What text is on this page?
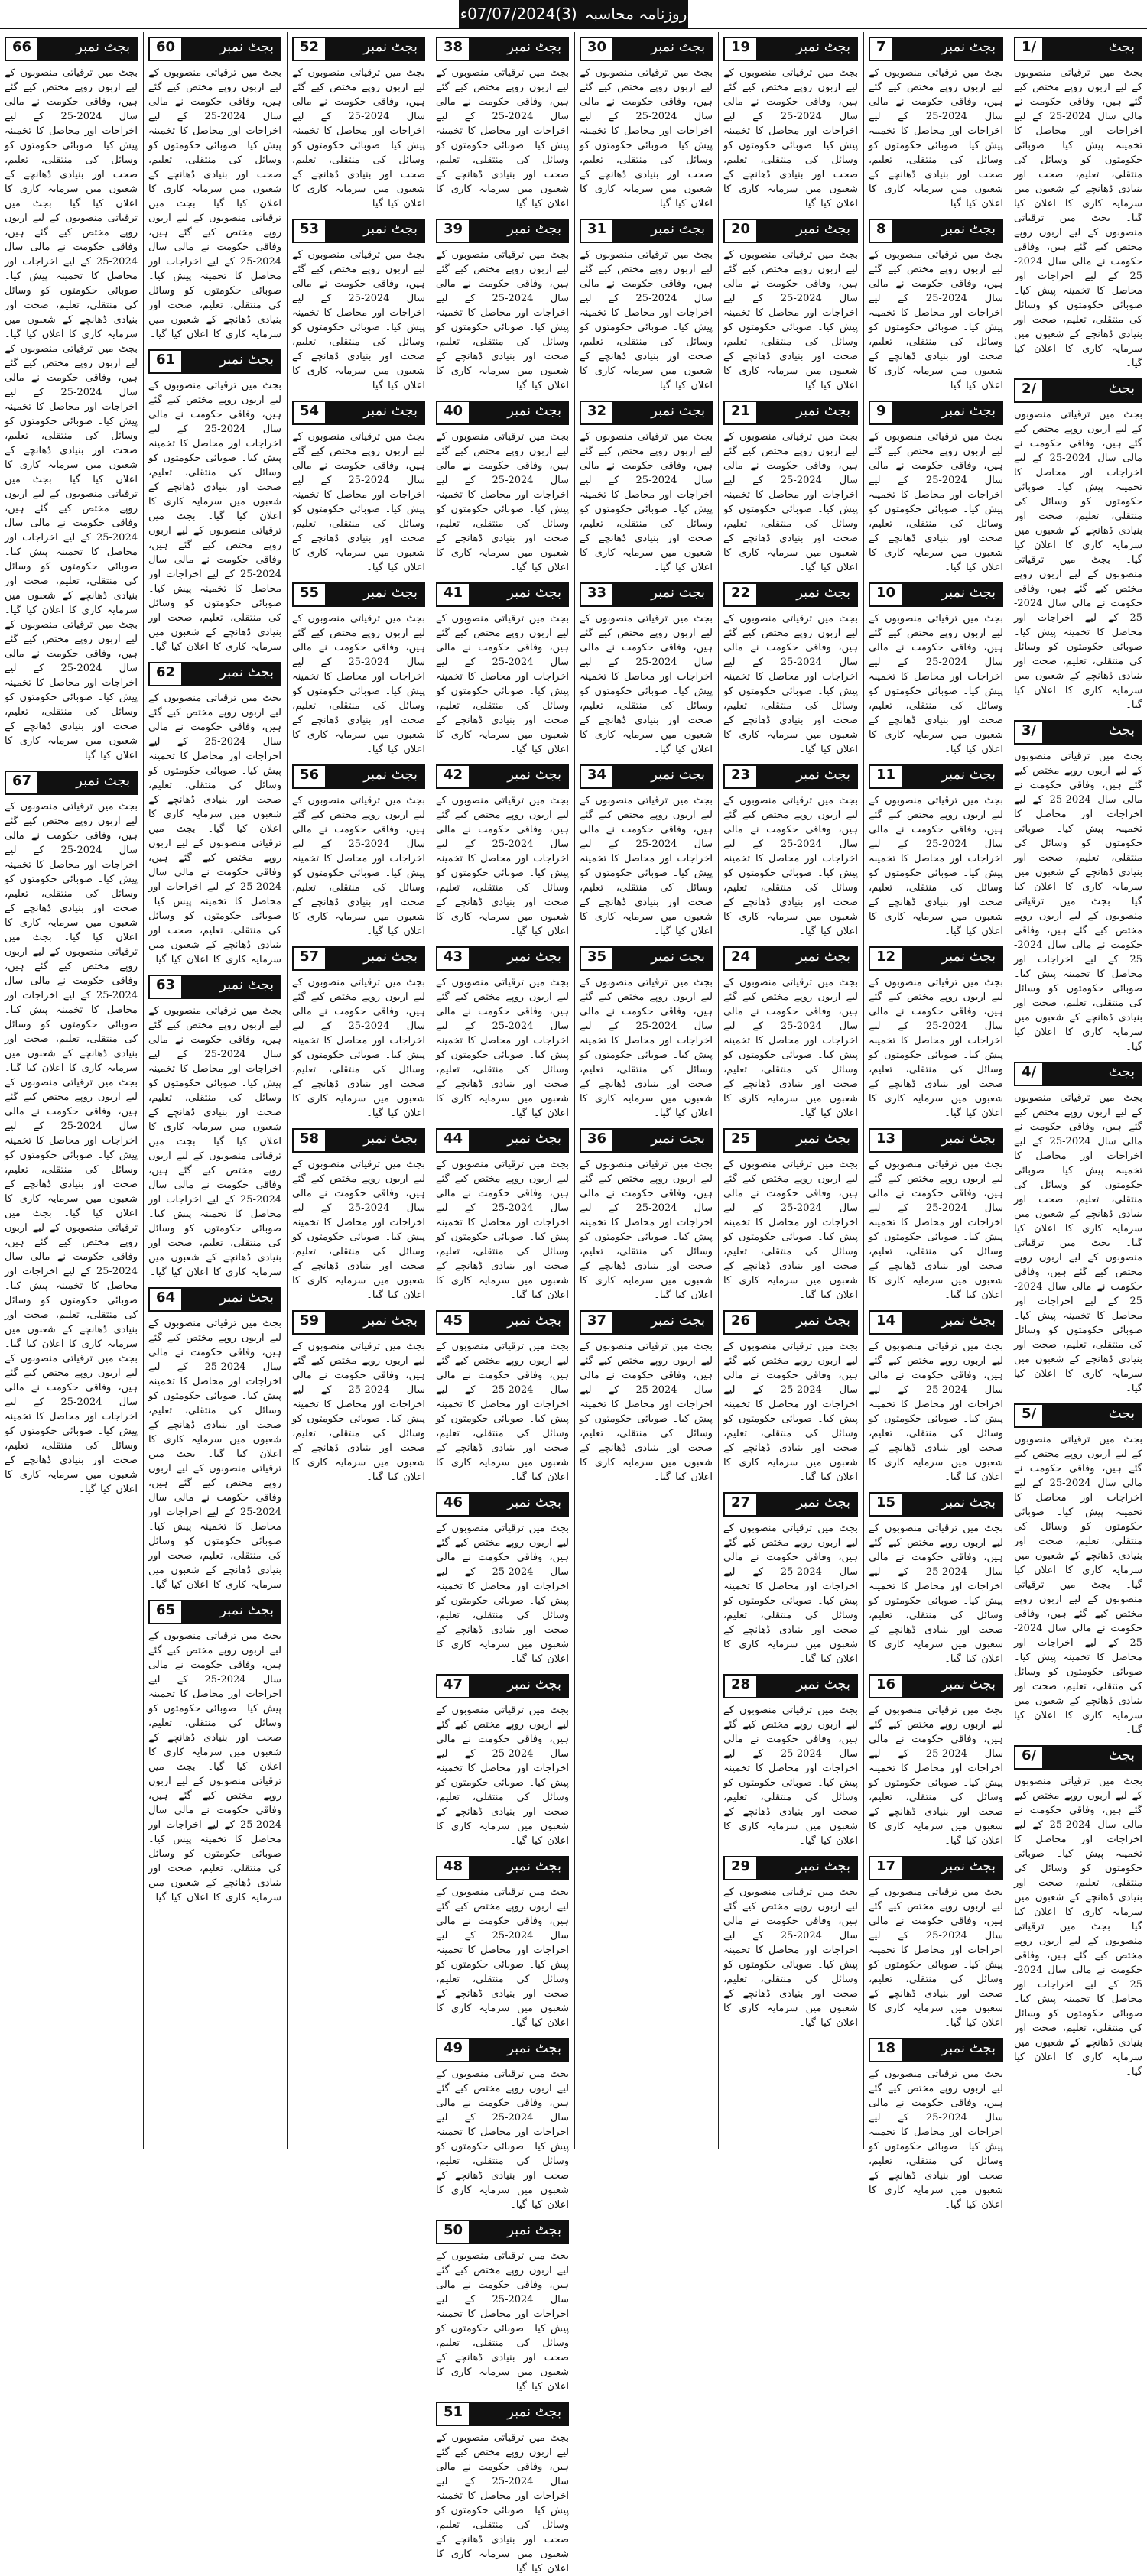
روزنامہ محاسبہ
(3)07/07/2024ء
1/	بجٹ
بجٹ میں ترقیاتی منصوبوں کے لیے اربوں روپے مختص کیے گئے ہیں، وفاقی حکومت نے مالی سال 2024-25 کے لیے اخراجات اور محاصل کا تخمینہ پیش کیا۔ صوبائی حکومتوں کو وسائل کی منتقلی، تعلیم، صحت اور بنیادی ڈھانچے کے شعبوں میں سرمایہ کاری کا اعلان کیا گیا۔ بجٹ میں ترقیاتی منصوبوں کے لیے اربوں روپے مختص کیے گئے ہیں، وفاقی حکومت نے مالی سال 2024-25 کے لیے اخراجات اور محاصل کا تخمینہ پیش کیا۔ صوبائی حکومتوں کو وسائل کی منتقلی، تعلیم، صحت اور بنیادی ڈھانچے کے شعبوں میں سرمایہ کاری کا اعلان کیا گیا۔
2/	بجٹ
بجٹ میں ترقیاتی منصوبوں کے لیے اربوں روپے مختص کیے گئے ہیں، وفاقی حکومت نے مالی سال 2024-25 کے لیے اخراجات اور محاصل کا تخمینہ پیش کیا۔ صوبائی حکومتوں کو وسائل کی منتقلی، تعلیم، صحت اور بنیادی ڈھانچے کے شعبوں میں سرمایہ کاری کا اعلان کیا گیا۔ بجٹ میں ترقیاتی منصوبوں کے لیے اربوں روپے مختص کیے گئے ہیں، وفاقی حکومت نے مالی سال 2024-25 کے لیے اخراجات اور محاصل کا تخمینہ پیش کیا۔ صوبائی حکومتوں کو وسائل کی منتقلی، تعلیم، صحت اور بنیادی ڈھانچے کے شعبوں میں سرمایہ کاری کا اعلان کیا گیا۔
3/	بجٹ
بجٹ میں ترقیاتی منصوبوں کے لیے اربوں روپے مختص کیے گئے ہیں، وفاقی حکومت نے مالی سال 2024-25 کے لیے اخراجات اور محاصل کا تخمینہ پیش کیا۔ صوبائی حکومتوں کو وسائل کی منتقلی، تعلیم، صحت اور بنیادی ڈھانچے کے شعبوں میں سرمایہ کاری کا اعلان کیا گیا۔ بجٹ میں ترقیاتی منصوبوں کے لیے اربوں روپے مختص کیے گئے ہیں، وفاقی حکومت نے مالی سال 2024-25 کے لیے اخراجات اور محاصل کا تخمینہ پیش کیا۔ صوبائی حکومتوں کو وسائل کی منتقلی، تعلیم، صحت اور بنیادی ڈھانچے کے شعبوں میں سرمایہ کاری کا اعلان کیا گیا۔
4/	بجٹ
بجٹ میں ترقیاتی منصوبوں کے لیے اربوں روپے مختص کیے گئے ہیں، وفاقی حکومت نے مالی سال 2024-25 کے لیے اخراجات اور محاصل کا تخمینہ پیش کیا۔ صوبائی حکومتوں کو وسائل کی منتقلی، تعلیم، صحت اور بنیادی ڈھانچے کے شعبوں میں سرمایہ کاری کا اعلان کیا گیا۔ بجٹ میں ترقیاتی منصوبوں کے لیے اربوں روپے مختص کیے گئے ہیں، وفاقی حکومت نے مالی سال 2024-25 کے لیے اخراجات اور محاصل کا تخمینہ پیش کیا۔ صوبائی حکومتوں کو وسائل کی منتقلی، تعلیم، صحت اور بنیادی ڈھانچے کے شعبوں میں سرمایہ کاری کا اعلان کیا گیا۔
5/	بجٹ
بجٹ میں ترقیاتی منصوبوں کے لیے اربوں روپے مختص کیے گئے ہیں، وفاقی حکومت نے مالی سال 2024-25 کے لیے اخراجات اور محاصل کا تخمینہ پیش کیا۔ صوبائی حکومتوں کو وسائل کی منتقلی، تعلیم، صحت اور بنیادی ڈھانچے کے شعبوں میں سرمایہ کاری کا اعلان کیا گیا۔ بجٹ میں ترقیاتی منصوبوں کے لیے اربوں روپے مختص کیے گئے ہیں، وفاقی حکومت نے مالی سال 2024-25 کے لیے اخراجات اور محاصل کا تخمینہ پیش کیا۔ صوبائی حکومتوں کو وسائل کی منتقلی، تعلیم، صحت اور بنیادی ڈھانچے کے شعبوں میں سرمایہ کاری کا اعلان کیا گیا۔
6/	بجٹ
بجٹ میں ترقیاتی منصوبوں کے لیے اربوں روپے مختص کیے گئے ہیں، وفاقی حکومت نے مالی سال 2024-25 کے لیے اخراجات اور محاصل کا تخمینہ پیش کیا۔ صوبائی حکومتوں کو وسائل کی منتقلی، تعلیم، صحت اور بنیادی ڈھانچے کے شعبوں میں سرمایہ کاری کا اعلان کیا گیا۔ بجٹ میں ترقیاتی منصوبوں کے لیے اربوں روپے مختص کیے گئے ہیں، وفاقی حکومت نے مالی سال 2024-25 کے لیے اخراجات اور محاصل کا تخمینہ پیش کیا۔ صوبائی حکومتوں کو وسائل کی منتقلی، تعلیم، صحت اور بنیادی ڈھانچے کے شعبوں میں سرمایہ کاری کا اعلان کیا گیا۔
7	بجٹ نمبر
بجٹ میں ترقیاتی منصوبوں کے لیے اربوں روپے مختص کیے گئے ہیں، وفاقی حکومت نے مالی سال 2024-25 کے لیے اخراجات اور محاصل کا تخمینہ پیش کیا۔ صوبائی حکومتوں کو وسائل کی منتقلی، تعلیم، صحت اور بنیادی ڈھانچے کے شعبوں میں سرمایہ کاری کا اعلان کیا گیا۔
8	بجٹ نمبر
بجٹ میں ترقیاتی منصوبوں کے لیے اربوں روپے مختص کیے گئے ہیں، وفاقی حکومت نے مالی سال 2024-25 کے لیے اخراجات اور محاصل کا تخمینہ پیش کیا۔ صوبائی حکومتوں کو وسائل کی منتقلی، تعلیم، صحت اور بنیادی ڈھانچے کے شعبوں میں سرمایہ کاری کا اعلان کیا گیا۔
9	بجٹ نمبر
بجٹ میں ترقیاتی منصوبوں کے لیے اربوں روپے مختص کیے گئے ہیں، وفاقی حکومت نے مالی سال 2024-25 کے لیے اخراجات اور محاصل کا تخمینہ پیش کیا۔ صوبائی حکومتوں کو وسائل کی منتقلی، تعلیم، صحت اور بنیادی ڈھانچے کے شعبوں میں سرمایہ کاری کا اعلان کیا گیا۔
10	بجٹ نمبر
بجٹ میں ترقیاتی منصوبوں کے لیے اربوں روپے مختص کیے گئے ہیں، وفاقی حکومت نے مالی سال 2024-25 کے لیے اخراجات اور محاصل کا تخمینہ پیش کیا۔ صوبائی حکومتوں کو وسائل کی منتقلی، تعلیم، صحت اور بنیادی ڈھانچے کے شعبوں میں سرمایہ کاری کا اعلان کیا گیا۔
11	بجٹ نمبر
بجٹ میں ترقیاتی منصوبوں کے لیے اربوں روپے مختص کیے گئے ہیں، وفاقی حکومت نے مالی سال 2024-25 کے لیے اخراجات اور محاصل کا تخمینہ پیش کیا۔ صوبائی حکومتوں کو وسائل کی منتقلی، تعلیم، صحت اور بنیادی ڈھانچے کے شعبوں میں سرمایہ کاری کا اعلان کیا گیا۔
12	بجٹ نمبر
بجٹ میں ترقیاتی منصوبوں کے لیے اربوں روپے مختص کیے گئے ہیں، وفاقی حکومت نے مالی سال 2024-25 کے لیے اخراجات اور محاصل کا تخمینہ پیش کیا۔ صوبائی حکومتوں کو وسائل کی منتقلی، تعلیم، صحت اور بنیادی ڈھانچے کے شعبوں میں سرمایہ کاری کا اعلان کیا گیا۔
13	بجٹ نمبر
بجٹ میں ترقیاتی منصوبوں کے لیے اربوں روپے مختص کیے گئے ہیں، وفاقی حکومت نے مالی سال 2024-25 کے لیے اخراجات اور محاصل کا تخمینہ پیش کیا۔ صوبائی حکومتوں کو وسائل کی منتقلی، تعلیم، صحت اور بنیادی ڈھانچے کے شعبوں میں سرمایہ کاری کا اعلان کیا گیا۔
14	بجٹ نمبر
بجٹ میں ترقیاتی منصوبوں کے لیے اربوں روپے مختص کیے گئے ہیں، وفاقی حکومت نے مالی سال 2024-25 کے لیے اخراجات اور محاصل کا تخمینہ پیش کیا۔ صوبائی حکومتوں کو وسائل کی منتقلی، تعلیم، صحت اور بنیادی ڈھانچے کے شعبوں میں سرمایہ کاری کا اعلان کیا گیا۔
15	بجٹ نمبر
بجٹ میں ترقیاتی منصوبوں کے لیے اربوں روپے مختص کیے گئے ہیں، وفاقی حکومت نے مالی سال 2024-25 کے لیے اخراجات اور محاصل کا تخمینہ پیش کیا۔ صوبائی حکومتوں کو وسائل کی منتقلی، تعلیم، صحت اور بنیادی ڈھانچے کے شعبوں میں سرمایہ کاری کا اعلان کیا گیا۔
16	بجٹ نمبر
بجٹ میں ترقیاتی منصوبوں کے لیے اربوں روپے مختص کیے گئے ہیں، وفاقی حکومت نے مالی سال 2024-25 کے لیے اخراجات اور محاصل کا تخمینہ پیش کیا۔ صوبائی حکومتوں کو وسائل کی منتقلی، تعلیم، صحت اور بنیادی ڈھانچے کے شعبوں میں سرمایہ کاری کا اعلان کیا گیا۔
17	بجٹ نمبر
بجٹ میں ترقیاتی منصوبوں کے لیے اربوں روپے مختص کیے گئے ہیں، وفاقی حکومت نے مالی سال 2024-25 کے لیے اخراجات اور محاصل کا تخمینہ پیش کیا۔ صوبائی حکومتوں کو وسائل کی منتقلی، تعلیم، صحت اور بنیادی ڈھانچے کے شعبوں میں سرمایہ کاری کا اعلان کیا گیا۔
18	بجٹ نمبر
بجٹ میں ترقیاتی منصوبوں کے لیے اربوں روپے مختص کیے گئے ہیں، وفاقی حکومت نے مالی سال 2024-25 کے لیے اخراجات اور محاصل کا تخمینہ پیش کیا۔ صوبائی حکومتوں کو وسائل کی منتقلی، تعلیم، صحت اور بنیادی ڈھانچے کے شعبوں میں سرمایہ کاری کا اعلان کیا گیا۔
19	بجٹ نمبر
بجٹ میں ترقیاتی منصوبوں کے لیے اربوں روپے مختص کیے گئے ہیں، وفاقی حکومت نے مالی سال 2024-25 کے لیے اخراجات اور محاصل کا تخمینہ پیش کیا۔ صوبائی حکومتوں کو وسائل کی منتقلی، تعلیم، صحت اور بنیادی ڈھانچے کے شعبوں میں سرمایہ کاری کا اعلان کیا گیا۔
20	بجٹ نمبر
بجٹ میں ترقیاتی منصوبوں کے لیے اربوں روپے مختص کیے گئے ہیں، وفاقی حکومت نے مالی سال 2024-25 کے لیے اخراجات اور محاصل کا تخمینہ پیش کیا۔ صوبائی حکومتوں کو وسائل کی منتقلی، تعلیم، صحت اور بنیادی ڈھانچے کے شعبوں میں سرمایہ کاری کا اعلان کیا گیا۔
21	بجٹ نمبر
بجٹ میں ترقیاتی منصوبوں کے لیے اربوں روپے مختص کیے گئے ہیں، وفاقی حکومت نے مالی سال 2024-25 کے لیے اخراجات اور محاصل کا تخمینہ پیش کیا۔ صوبائی حکومتوں کو وسائل کی منتقلی، تعلیم، صحت اور بنیادی ڈھانچے کے شعبوں میں سرمایہ کاری کا اعلان کیا گیا۔
22	بجٹ نمبر
بجٹ میں ترقیاتی منصوبوں کے لیے اربوں روپے مختص کیے گئے ہیں، وفاقی حکومت نے مالی سال 2024-25 کے لیے اخراجات اور محاصل کا تخمینہ پیش کیا۔ صوبائی حکومتوں کو وسائل کی منتقلی، تعلیم، صحت اور بنیادی ڈھانچے کے شعبوں میں سرمایہ کاری کا اعلان کیا گیا۔
23	بجٹ نمبر
بجٹ میں ترقیاتی منصوبوں کے لیے اربوں روپے مختص کیے گئے ہیں، وفاقی حکومت نے مالی سال 2024-25 کے لیے اخراجات اور محاصل کا تخمینہ پیش کیا۔ صوبائی حکومتوں کو وسائل کی منتقلی، تعلیم، صحت اور بنیادی ڈھانچے کے شعبوں میں سرمایہ کاری کا اعلان کیا گیا۔
24	بجٹ نمبر
بجٹ میں ترقیاتی منصوبوں کے لیے اربوں روپے مختص کیے گئے ہیں، وفاقی حکومت نے مالی سال 2024-25 کے لیے اخراجات اور محاصل کا تخمینہ پیش کیا۔ صوبائی حکومتوں کو وسائل کی منتقلی، تعلیم، صحت اور بنیادی ڈھانچے کے شعبوں میں سرمایہ کاری کا اعلان کیا گیا۔
25	بجٹ نمبر
بجٹ میں ترقیاتی منصوبوں کے لیے اربوں روپے مختص کیے گئے ہیں، وفاقی حکومت نے مالی سال 2024-25 کے لیے اخراجات اور محاصل کا تخمینہ پیش کیا۔ صوبائی حکومتوں کو وسائل کی منتقلی، تعلیم، صحت اور بنیادی ڈھانچے کے شعبوں میں سرمایہ کاری کا اعلان کیا گیا۔
26	بجٹ نمبر
بجٹ میں ترقیاتی منصوبوں کے لیے اربوں روپے مختص کیے گئے ہیں، وفاقی حکومت نے مالی سال 2024-25 کے لیے اخراجات اور محاصل کا تخمینہ پیش کیا۔ صوبائی حکومتوں کو وسائل کی منتقلی، تعلیم، صحت اور بنیادی ڈھانچے کے شعبوں میں سرمایہ کاری کا اعلان کیا گیا۔
27	بجٹ نمبر
بجٹ میں ترقیاتی منصوبوں کے لیے اربوں روپے مختص کیے گئے ہیں، وفاقی حکومت نے مالی سال 2024-25 کے لیے اخراجات اور محاصل کا تخمینہ پیش کیا۔ صوبائی حکومتوں کو وسائل کی منتقلی، تعلیم، صحت اور بنیادی ڈھانچے کے شعبوں میں سرمایہ کاری کا اعلان کیا گیا۔
28	بجٹ نمبر
بجٹ میں ترقیاتی منصوبوں کے لیے اربوں روپے مختص کیے گئے ہیں، وفاقی حکومت نے مالی سال 2024-25 کے لیے اخراجات اور محاصل کا تخمینہ پیش کیا۔ صوبائی حکومتوں کو وسائل کی منتقلی، تعلیم، صحت اور بنیادی ڈھانچے کے شعبوں میں سرمایہ کاری کا اعلان کیا گیا۔
29	بجٹ نمبر
بجٹ میں ترقیاتی منصوبوں کے لیے اربوں روپے مختص کیے گئے ہیں، وفاقی حکومت نے مالی سال 2024-25 کے لیے اخراجات اور محاصل کا تخمینہ پیش کیا۔ صوبائی حکومتوں کو وسائل کی منتقلی، تعلیم، صحت اور بنیادی ڈھانچے کے شعبوں میں سرمایہ کاری کا اعلان کیا گیا۔
30	بجٹ نمبر
بجٹ میں ترقیاتی منصوبوں کے لیے اربوں روپے مختص کیے گئے ہیں، وفاقی حکومت نے مالی سال 2024-25 کے لیے اخراجات اور محاصل کا تخمینہ پیش کیا۔ صوبائی حکومتوں کو وسائل کی منتقلی، تعلیم، صحت اور بنیادی ڈھانچے کے شعبوں میں سرمایہ کاری کا اعلان کیا گیا۔
31	بجٹ نمبر
بجٹ میں ترقیاتی منصوبوں کے لیے اربوں روپے مختص کیے گئے ہیں، وفاقی حکومت نے مالی سال 2024-25 کے لیے اخراجات اور محاصل کا تخمینہ پیش کیا۔ صوبائی حکومتوں کو وسائل کی منتقلی، تعلیم، صحت اور بنیادی ڈھانچے کے شعبوں میں سرمایہ کاری کا اعلان کیا گیا۔
32	بجٹ نمبر
بجٹ میں ترقیاتی منصوبوں کے لیے اربوں روپے مختص کیے گئے ہیں، وفاقی حکومت نے مالی سال 2024-25 کے لیے اخراجات اور محاصل کا تخمینہ پیش کیا۔ صوبائی حکومتوں کو وسائل کی منتقلی، تعلیم، صحت اور بنیادی ڈھانچے کے شعبوں میں سرمایہ کاری کا اعلان کیا گیا۔
33	بجٹ نمبر
بجٹ میں ترقیاتی منصوبوں کے لیے اربوں روپے مختص کیے گئے ہیں، وفاقی حکومت نے مالی سال 2024-25 کے لیے اخراجات اور محاصل کا تخمینہ پیش کیا۔ صوبائی حکومتوں کو وسائل کی منتقلی، تعلیم، صحت اور بنیادی ڈھانچے کے شعبوں میں سرمایہ کاری کا اعلان کیا گیا۔
34	بجٹ نمبر
بجٹ میں ترقیاتی منصوبوں کے لیے اربوں روپے مختص کیے گئے ہیں، وفاقی حکومت نے مالی سال 2024-25 کے لیے اخراجات اور محاصل کا تخمینہ پیش کیا۔ صوبائی حکومتوں کو وسائل کی منتقلی، تعلیم، صحت اور بنیادی ڈھانچے کے شعبوں میں سرمایہ کاری کا اعلان کیا گیا۔
35	بجٹ نمبر
بجٹ میں ترقیاتی منصوبوں کے لیے اربوں روپے مختص کیے گئے ہیں، وفاقی حکومت نے مالی سال 2024-25 کے لیے اخراجات اور محاصل کا تخمینہ پیش کیا۔ صوبائی حکومتوں کو وسائل کی منتقلی، تعلیم، صحت اور بنیادی ڈھانچے کے شعبوں میں سرمایہ کاری کا اعلان کیا گیا۔
36	بجٹ نمبر
بجٹ میں ترقیاتی منصوبوں کے لیے اربوں روپے مختص کیے گئے ہیں، وفاقی حکومت نے مالی سال 2024-25 کے لیے اخراجات اور محاصل کا تخمینہ پیش کیا۔ صوبائی حکومتوں کو وسائل کی منتقلی، تعلیم، صحت اور بنیادی ڈھانچے کے شعبوں میں سرمایہ کاری کا اعلان کیا گیا۔
37	بجٹ نمبر
بجٹ میں ترقیاتی منصوبوں کے لیے اربوں روپے مختص کیے گئے ہیں، وفاقی حکومت نے مالی سال 2024-25 کے لیے اخراجات اور محاصل کا تخمینہ پیش کیا۔ صوبائی حکومتوں کو وسائل کی منتقلی، تعلیم، صحت اور بنیادی ڈھانچے کے شعبوں میں سرمایہ کاری کا اعلان کیا گیا۔
38	بجٹ نمبر
بجٹ میں ترقیاتی منصوبوں کے لیے اربوں روپے مختص کیے گئے ہیں، وفاقی حکومت نے مالی سال 2024-25 کے لیے اخراجات اور محاصل کا تخمینہ پیش کیا۔ صوبائی حکومتوں کو وسائل کی منتقلی، تعلیم، صحت اور بنیادی ڈھانچے کے شعبوں میں سرمایہ کاری کا اعلان کیا گیا۔
39	بجٹ نمبر
بجٹ میں ترقیاتی منصوبوں کے لیے اربوں روپے مختص کیے گئے ہیں، وفاقی حکومت نے مالی سال 2024-25 کے لیے اخراجات اور محاصل کا تخمینہ پیش کیا۔ صوبائی حکومتوں کو وسائل کی منتقلی، تعلیم، صحت اور بنیادی ڈھانچے کے شعبوں میں سرمایہ کاری کا اعلان کیا گیا۔
40	بجٹ نمبر
بجٹ میں ترقیاتی منصوبوں کے لیے اربوں روپے مختص کیے گئے ہیں، وفاقی حکومت نے مالی سال 2024-25 کے لیے اخراجات اور محاصل کا تخمینہ پیش کیا۔ صوبائی حکومتوں کو وسائل کی منتقلی، تعلیم، صحت اور بنیادی ڈھانچے کے شعبوں میں سرمایہ کاری کا اعلان کیا گیا۔
41	بجٹ نمبر
بجٹ میں ترقیاتی منصوبوں کے لیے اربوں روپے مختص کیے گئے ہیں، وفاقی حکومت نے مالی سال 2024-25 کے لیے اخراجات اور محاصل کا تخمینہ پیش کیا۔ صوبائی حکومتوں کو وسائل کی منتقلی، تعلیم، صحت اور بنیادی ڈھانچے کے شعبوں میں سرمایہ کاری کا اعلان کیا گیا۔
42	بجٹ نمبر
بجٹ میں ترقیاتی منصوبوں کے لیے اربوں روپے مختص کیے گئے ہیں، وفاقی حکومت نے مالی سال 2024-25 کے لیے اخراجات اور محاصل کا تخمینہ پیش کیا۔ صوبائی حکومتوں کو وسائل کی منتقلی، تعلیم، صحت اور بنیادی ڈھانچے کے شعبوں میں سرمایہ کاری کا اعلان کیا گیا۔
43	بجٹ نمبر
بجٹ میں ترقیاتی منصوبوں کے لیے اربوں روپے مختص کیے گئے ہیں، وفاقی حکومت نے مالی سال 2024-25 کے لیے اخراجات اور محاصل کا تخمینہ پیش کیا۔ صوبائی حکومتوں کو وسائل کی منتقلی، تعلیم، صحت اور بنیادی ڈھانچے کے شعبوں میں سرمایہ کاری کا اعلان کیا گیا۔
44	بجٹ نمبر
بجٹ میں ترقیاتی منصوبوں کے لیے اربوں روپے مختص کیے گئے ہیں، وفاقی حکومت نے مالی سال 2024-25 کے لیے اخراجات اور محاصل کا تخمینہ پیش کیا۔ صوبائی حکومتوں کو وسائل کی منتقلی، تعلیم، صحت اور بنیادی ڈھانچے کے شعبوں میں سرمایہ کاری کا اعلان کیا گیا۔
45	بجٹ نمبر
بجٹ میں ترقیاتی منصوبوں کے لیے اربوں روپے مختص کیے گئے ہیں، وفاقی حکومت نے مالی سال 2024-25 کے لیے اخراجات اور محاصل کا تخمینہ پیش کیا۔ صوبائی حکومتوں کو وسائل کی منتقلی، تعلیم، صحت اور بنیادی ڈھانچے کے شعبوں میں سرمایہ کاری کا اعلان کیا گیا۔
46	بجٹ نمبر
بجٹ میں ترقیاتی منصوبوں کے لیے اربوں روپے مختص کیے گئے ہیں، وفاقی حکومت نے مالی سال 2024-25 کے لیے اخراجات اور محاصل کا تخمینہ پیش کیا۔ صوبائی حکومتوں کو وسائل کی منتقلی، تعلیم، صحت اور بنیادی ڈھانچے کے شعبوں میں سرمایہ کاری کا اعلان کیا گیا۔
47	بجٹ نمبر
بجٹ میں ترقیاتی منصوبوں کے لیے اربوں روپے مختص کیے گئے ہیں، وفاقی حکومت نے مالی سال 2024-25 کے لیے اخراجات اور محاصل کا تخمینہ پیش کیا۔ صوبائی حکومتوں کو وسائل کی منتقلی، تعلیم، صحت اور بنیادی ڈھانچے کے شعبوں میں سرمایہ کاری کا اعلان کیا گیا۔
48	بجٹ نمبر
بجٹ میں ترقیاتی منصوبوں کے لیے اربوں روپے مختص کیے گئے ہیں، وفاقی حکومت نے مالی سال 2024-25 کے لیے اخراجات اور محاصل کا تخمینہ پیش کیا۔ صوبائی حکومتوں کو وسائل کی منتقلی، تعلیم، صحت اور بنیادی ڈھانچے کے شعبوں میں سرمایہ کاری کا اعلان کیا گیا۔
49	بجٹ نمبر
بجٹ میں ترقیاتی منصوبوں کے لیے اربوں روپے مختص کیے گئے ہیں، وفاقی حکومت نے مالی سال 2024-25 کے لیے اخراجات اور محاصل کا تخمینہ پیش کیا۔ صوبائی حکومتوں کو وسائل کی منتقلی، تعلیم، صحت اور بنیادی ڈھانچے کے شعبوں میں سرمایہ کاری کا اعلان کیا گیا۔
50	بجٹ نمبر
بجٹ میں ترقیاتی منصوبوں کے لیے اربوں روپے مختص کیے گئے ہیں، وفاقی حکومت نے مالی سال 2024-25 کے لیے اخراجات اور محاصل کا تخمینہ پیش کیا۔ صوبائی حکومتوں کو وسائل کی منتقلی، تعلیم، صحت اور بنیادی ڈھانچے کے شعبوں میں سرمایہ کاری کا اعلان کیا گیا۔
51	بجٹ نمبر
بجٹ میں ترقیاتی منصوبوں کے لیے اربوں روپے مختص کیے گئے ہیں، وفاقی حکومت نے مالی سال 2024-25 کے لیے اخراجات اور محاصل کا تخمینہ پیش کیا۔ صوبائی حکومتوں کو وسائل کی منتقلی، تعلیم، صحت اور بنیادی ڈھانچے کے شعبوں میں سرمایہ کاری کا اعلان کیا گیا۔
52	بجٹ نمبر
بجٹ میں ترقیاتی منصوبوں کے لیے اربوں روپے مختص کیے گئے ہیں، وفاقی حکومت نے مالی سال 2024-25 کے لیے اخراجات اور محاصل کا تخمینہ پیش کیا۔ صوبائی حکومتوں کو وسائل کی منتقلی، تعلیم، صحت اور بنیادی ڈھانچے کے شعبوں میں سرمایہ کاری کا اعلان کیا گیا۔
53	بجٹ نمبر
بجٹ میں ترقیاتی منصوبوں کے لیے اربوں روپے مختص کیے گئے ہیں، وفاقی حکومت نے مالی سال 2024-25 کے لیے اخراجات اور محاصل کا تخمینہ پیش کیا۔ صوبائی حکومتوں کو وسائل کی منتقلی، تعلیم، صحت اور بنیادی ڈھانچے کے شعبوں میں سرمایہ کاری کا اعلان کیا گیا۔
54	بجٹ نمبر
بجٹ میں ترقیاتی منصوبوں کے لیے اربوں روپے مختص کیے گئے ہیں، وفاقی حکومت نے مالی سال 2024-25 کے لیے اخراجات اور محاصل کا تخمینہ پیش کیا۔ صوبائی حکومتوں کو وسائل کی منتقلی، تعلیم، صحت اور بنیادی ڈھانچے کے شعبوں میں سرمایہ کاری کا اعلان کیا گیا۔
55	بجٹ نمبر
بجٹ میں ترقیاتی منصوبوں کے لیے اربوں روپے مختص کیے گئے ہیں، وفاقی حکومت نے مالی سال 2024-25 کے لیے اخراجات اور محاصل کا تخمینہ پیش کیا۔ صوبائی حکومتوں کو وسائل کی منتقلی، تعلیم، صحت اور بنیادی ڈھانچے کے شعبوں میں سرمایہ کاری کا اعلان کیا گیا۔
56	بجٹ نمبر
بجٹ میں ترقیاتی منصوبوں کے لیے اربوں روپے مختص کیے گئے ہیں، وفاقی حکومت نے مالی سال 2024-25 کے لیے اخراجات اور محاصل کا تخمینہ پیش کیا۔ صوبائی حکومتوں کو وسائل کی منتقلی، تعلیم، صحت اور بنیادی ڈھانچے کے شعبوں میں سرمایہ کاری کا اعلان کیا گیا۔
57	بجٹ نمبر
بجٹ میں ترقیاتی منصوبوں کے لیے اربوں روپے مختص کیے گئے ہیں، وفاقی حکومت نے مالی سال 2024-25 کے لیے اخراجات اور محاصل کا تخمینہ پیش کیا۔ صوبائی حکومتوں کو وسائل کی منتقلی، تعلیم، صحت اور بنیادی ڈھانچے کے شعبوں میں سرمایہ کاری کا اعلان کیا گیا۔
58	بجٹ نمبر
بجٹ میں ترقیاتی منصوبوں کے لیے اربوں روپے مختص کیے گئے ہیں، وفاقی حکومت نے مالی سال 2024-25 کے لیے اخراجات اور محاصل کا تخمینہ پیش کیا۔ صوبائی حکومتوں کو وسائل کی منتقلی، تعلیم، صحت اور بنیادی ڈھانچے کے شعبوں میں سرمایہ کاری کا اعلان کیا گیا۔
59	بجٹ نمبر
بجٹ میں ترقیاتی منصوبوں کے لیے اربوں روپے مختص کیے گئے ہیں، وفاقی حکومت نے مالی سال 2024-25 کے لیے اخراجات اور محاصل کا تخمینہ پیش کیا۔ صوبائی حکومتوں کو وسائل کی منتقلی، تعلیم، صحت اور بنیادی ڈھانچے کے شعبوں میں سرمایہ کاری کا اعلان کیا گیا۔
60	بجٹ نمبر
بجٹ میں ترقیاتی منصوبوں کے لیے اربوں روپے مختص کیے گئے ہیں، وفاقی حکومت نے مالی سال 2024-25 کے لیے اخراجات اور محاصل کا تخمینہ پیش کیا۔ صوبائی حکومتوں کو وسائل کی منتقلی، تعلیم، صحت اور بنیادی ڈھانچے کے شعبوں میں سرمایہ کاری کا اعلان کیا گیا۔ بجٹ میں ترقیاتی منصوبوں کے لیے اربوں روپے مختص کیے گئے ہیں، وفاقی حکومت نے مالی سال 2024-25 کے لیے اخراجات اور محاصل کا تخمینہ پیش کیا۔ صوبائی حکومتوں کو وسائل کی منتقلی، تعلیم، صحت اور بنیادی ڈھانچے کے شعبوں میں سرمایہ کاری کا اعلان کیا گیا۔
61	بجٹ نمبر
بجٹ میں ترقیاتی منصوبوں کے لیے اربوں روپے مختص کیے گئے ہیں، وفاقی حکومت نے مالی سال 2024-25 کے لیے اخراجات اور محاصل کا تخمینہ پیش کیا۔ صوبائی حکومتوں کو وسائل کی منتقلی، تعلیم، صحت اور بنیادی ڈھانچے کے شعبوں میں سرمایہ کاری کا اعلان کیا گیا۔ بجٹ میں ترقیاتی منصوبوں کے لیے اربوں روپے مختص کیے گئے ہیں، وفاقی حکومت نے مالی سال 2024-25 کے لیے اخراجات اور محاصل کا تخمینہ پیش کیا۔ صوبائی حکومتوں کو وسائل کی منتقلی، تعلیم، صحت اور بنیادی ڈھانچے کے شعبوں میں سرمایہ کاری کا اعلان کیا گیا۔
62	بجٹ نمبر
بجٹ میں ترقیاتی منصوبوں کے لیے اربوں روپے مختص کیے گئے ہیں، وفاقی حکومت نے مالی سال 2024-25 کے لیے اخراجات اور محاصل کا تخمینہ پیش کیا۔ صوبائی حکومتوں کو وسائل کی منتقلی، تعلیم، صحت اور بنیادی ڈھانچے کے شعبوں میں سرمایہ کاری کا اعلان کیا گیا۔ بجٹ میں ترقیاتی منصوبوں کے لیے اربوں روپے مختص کیے گئے ہیں، وفاقی حکومت نے مالی سال 2024-25 کے لیے اخراجات اور محاصل کا تخمینہ پیش کیا۔ صوبائی حکومتوں کو وسائل کی منتقلی، تعلیم، صحت اور بنیادی ڈھانچے کے شعبوں میں سرمایہ کاری کا اعلان کیا گیا۔
63	بجٹ نمبر
بجٹ میں ترقیاتی منصوبوں کے لیے اربوں روپے مختص کیے گئے ہیں، وفاقی حکومت نے مالی سال 2024-25 کے لیے اخراجات اور محاصل کا تخمینہ پیش کیا۔ صوبائی حکومتوں کو وسائل کی منتقلی، تعلیم، صحت اور بنیادی ڈھانچے کے شعبوں میں سرمایہ کاری کا اعلان کیا گیا۔ بجٹ میں ترقیاتی منصوبوں کے لیے اربوں روپے مختص کیے گئے ہیں، وفاقی حکومت نے مالی سال 2024-25 کے لیے اخراجات اور محاصل کا تخمینہ پیش کیا۔ صوبائی حکومتوں کو وسائل کی منتقلی، تعلیم، صحت اور بنیادی ڈھانچے کے شعبوں میں سرمایہ کاری کا اعلان کیا گیا۔
64	بجٹ نمبر
بجٹ میں ترقیاتی منصوبوں کے لیے اربوں روپے مختص کیے گئے ہیں، وفاقی حکومت نے مالی سال 2024-25 کے لیے اخراجات اور محاصل کا تخمینہ پیش کیا۔ صوبائی حکومتوں کو وسائل کی منتقلی، تعلیم، صحت اور بنیادی ڈھانچے کے شعبوں میں سرمایہ کاری کا اعلان کیا گیا۔ بجٹ میں ترقیاتی منصوبوں کے لیے اربوں روپے مختص کیے گئے ہیں، وفاقی حکومت نے مالی سال 2024-25 کے لیے اخراجات اور محاصل کا تخمینہ پیش کیا۔ صوبائی حکومتوں کو وسائل کی منتقلی، تعلیم، صحت اور بنیادی ڈھانچے کے شعبوں میں سرمایہ کاری کا اعلان کیا گیا۔
65	بجٹ نمبر
بجٹ میں ترقیاتی منصوبوں کے لیے اربوں روپے مختص کیے گئے ہیں، وفاقی حکومت نے مالی سال 2024-25 کے لیے اخراجات اور محاصل کا تخمینہ پیش کیا۔ صوبائی حکومتوں کو وسائل کی منتقلی، تعلیم، صحت اور بنیادی ڈھانچے کے شعبوں میں سرمایہ کاری کا اعلان کیا گیا۔ بجٹ میں ترقیاتی منصوبوں کے لیے اربوں روپے مختص کیے گئے ہیں، وفاقی حکومت نے مالی سال 2024-25 کے لیے اخراجات اور محاصل کا تخمینہ پیش کیا۔ صوبائی حکومتوں کو وسائل کی منتقلی، تعلیم، صحت اور بنیادی ڈھانچے کے شعبوں میں سرمایہ کاری کا اعلان کیا گیا۔
66	بجٹ نمبر
بجٹ میں ترقیاتی منصوبوں کے لیے اربوں روپے مختص کیے گئے ہیں، وفاقی حکومت نے مالی سال 2024-25 کے لیے اخراجات اور محاصل کا تخمینہ پیش کیا۔ صوبائی حکومتوں کو وسائل کی منتقلی، تعلیم، صحت اور بنیادی ڈھانچے کے شعبوں میں سرمایہ کاری کا اعلان کیا گیا۔ بجٹ میں ترقیاتی منصوبوں کے لیے اربوں روپے مختص کیے گئے ہیں، وفاقی حکومت نے مالی سال 2024-25 کے لیے اخراجات اور محاصل کا تخمینہ پیش کیا۔ صوبائی حکومتوں کو وسائل کی منتقلی، تعلیم، صحت اور بنیادی ڈھانچے کے شعبوں میں سرمایہ کاری کا اعلان کیا گیا۔ بجٹ میں ترقیاتی منصوبوں کے لیے اربوں روپے مختص کیے گئے ہیں، وفاقی حکومت نے مالی سال 2024-25 کے لیے اخراجات اور محاصل کا تخمینہ پیش کیا۔ صوبائی حکومتوں کو وسائل کی منتقلی، تعلیم، صحت اور بنیادی ڈھانچے کے شعبوں میں سرمایہ کاری کا اعلان کیا گیا۔ بجٹ میں ترقیاتی منصوبوں کے لیے اربوں روپے مختص کیے گئے ہیں، وفاقی حکومت نے مالی سال 2024-25 کے لیے اخراجات اور محاصل کا تخمینہ پیش کیا۔ صوبائی حکومتوں کو وسائل کی منتقلی، تعلیم، صحت اور بنیادی ڈھانچے کے شعبوں میں سرمایہ کاری کا اعلان کیا گیا۔ بجٹ میں ترقیاتی منصوبوں کے لیے اربوں روپے مختص کیے گئے ہیں، وفاقی حکومت نے مالی سال 2024-25 کے لیے اخراجات اور محاصل کا تخمینہ پیش کیا۔ صوبائی حکومتوں کو وسائل کی منتقلی، تعلیم، صحت اور بنیادی ڈھانچے کے شعبوں میں سرمایہ کاری کا اعلان کیا گیا۔
67	بجٹ نمبر
بجٹ میں ترقیاتی منصوبوں کے لیے اربوں روپے مختص کیے گئے ہیں، وفاقی حکومت نے مالی سال 2024-25 کے لیے اخراجات اور محاصل کا تخمینہ پیش کیا۔ صوبائی حکومتوں کو وسائل کی منتقلی، تعلیم، صحت اور بنیادی ڈھانچے کے شعبوں میں سرمایہ کاری کا اعلان کیا گیا۔ بجٹ میں ترقیاتی منصوبوں کے لیے اربوں روپے مختص کیے گئے ہیں، وفاقی حکومت نے مالی سال 2024-25 کے لیے اخراجات اور محاصل کا تخمینہ پیش کیا۔ صوبائی حکومتوں کو وسائل کی منتقلی، تعلیم، صحت اور بنیادی ڈھانچے کے شعبوں میں سرمایہ کاری کا اعلان کیا گیا۔ بجٹ میں ترقیاتی منصوبوں کے لیے اربوں روپے مختص کیے گئے ہیں، وفاقی حکومت نے مالی سال 2024-25 کے لیے اخراجات اور محاصل کا تخمینہ پیش کیا۔ صوبائی حکومتوں کو وسائل کی منتقلی، تعلیم، صحت اور بنیادی ڈھانچے کے شعبوں میں سرمایہ کاری کا اعلان کیا گیا۔ بجٹ میں ترقیاتی منصوبوں کے لیے اربوں روپے مختص کیے گئے ہیں، وفاقی حکومت نے مالی سال 2024-25 کے لیے اخراجات اور محاصل کا تخمینہ پیش کیا۔ صوبائی حکومتوں کو وسائل کی منتقلی، تعلیم، صحت اور بنیادی ڈھانچے کے شعبوں میں سرمایہ کاری کا اعلان کیا گیا۔ بجٹ میں ترقیاتی منصوبوں کے لیے اربوں روپے مختص کیے گئے ہیں، وفاقی حکومت نے مالی سال 2024-25 کے لیے اخراجات اور محاصل کا تخمینہ پیش کیا۔ صوبائی حکومتوں کو وسائل کی منتقلی، تعلیم، صحت اور بنیادی ڈھانچے کے شعبوں میں سرمایہ کاری کا اعلان کیا گیا۔
